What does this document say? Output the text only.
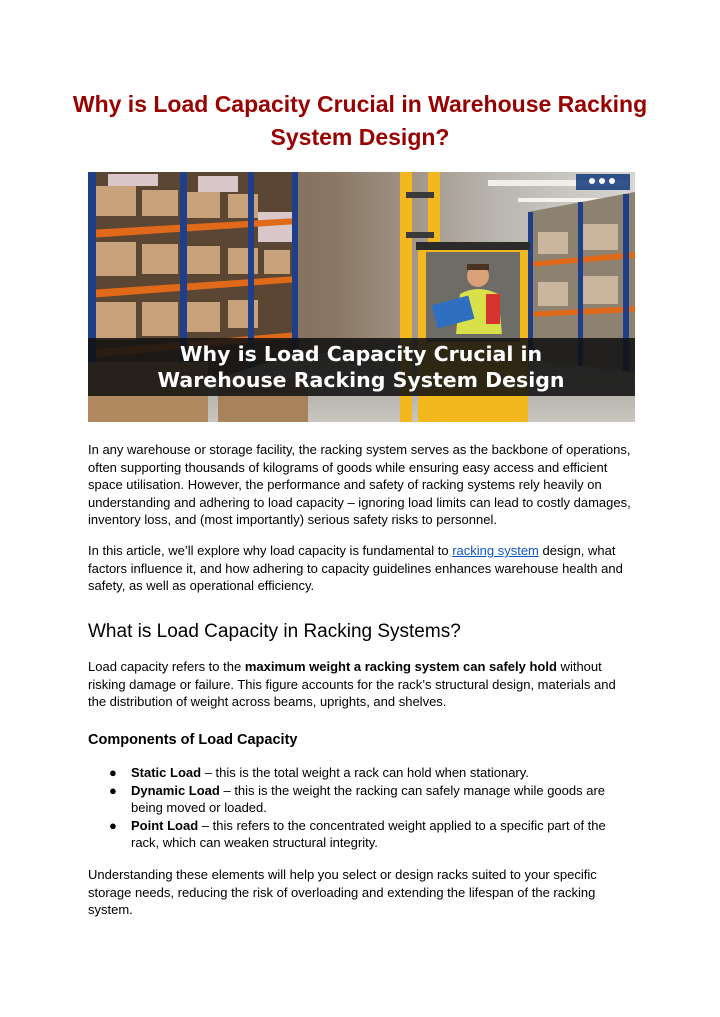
Why is Load Capacity Crucial in Warehouse Racking System Design?
Why is Load Capacity Crucial in
Warehouse Racking System Design

In any warehouse or storage facility, the racking system serves as the backbone of operations, often supporting thousands of kilograms of goods while ensuring easy access and efficient space utilisation. However, the performance and safety of racking systems rely heavily on understanding and adhering to load capacity – ignoring load limits can lead to costly damages, inventory loss, and (most importantly) serious safety risks to personnel.

In this article, we’ll explore why load capacity is fundamental to racking system design, what factors influence it, and how adhering to capacity guidelines enhances warehouse health and safety, as well as operational efficiency.

What is Load Capacity in Racking Systems?

Load capacity refers to the maximum weight a racking system can safely hold without risking damage or failure. This figure accounts for the rack’s structural design, materials and the distribution of weight across beams, uprights, and shelves.

Components of Load Capacity
● Static Load – this is the total weight a rack can hold when stationary.
● Dynamic Load – this is the weight the racking can safely manage while goods are being moved or loaded.
● Point Load – this refers to the concentrated weight applied to a specific part of the rack, which can weaken structural integrity.

Understanding these elements will help you select or design racks suited to your specific storage needs, reducing the risk of overloading and extending the lifespan of the racking system.
